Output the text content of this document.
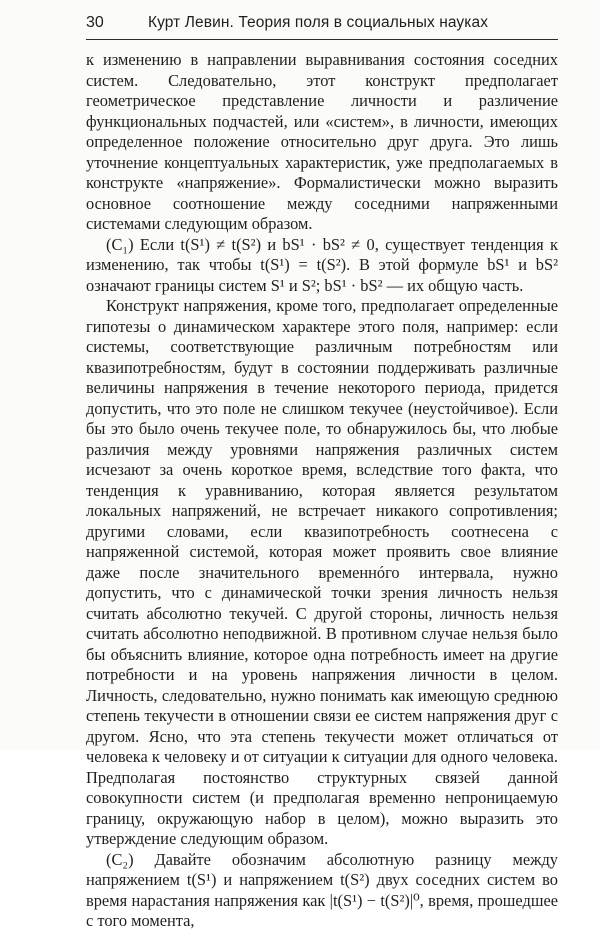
30	Курт Левин. Теория поля в социальных науках

к изменению в направлении выравнивания состояния соседних систем. Следовательно, этот конструкт предполагает геометрическое представление личности и различение функциональных подчастей, или «систем», в личности, имеющих определенное положение относительно друг друга. Это лишь уточнение концептуальных характеристик, уже предполагаемых в конструкте «напряжение». Формалистически можно выразить основное соотношение между соседними напряженными системами следующим образом.

(C₁) Если t(S¹) ≠ t(S²) и bS¹ · bS² ≠ 0, существует тенденция к изменению, так чтобы t(S¹) = t(S²). В этой формуле bS¹ и bS² означают границы систем S¹ и S²; bS¹ · bS² — их общую часть.

Конструкт напряжения, кроме того, предполагает определенные гипотезы о динамическом характере этого поля, например: если системы, соответствующие различным потребностям или квазипотребностям, будут в состоянии поддерживать различные величины напряжения в течение некоторого периода, придется допустить, что это поле не слишком текучее (неустойчивое). Если бы это было очень текучее поле, то обнаружилось бы, что любые различия между уровнями напряжения различных систем исчезают за очень короткое время, вследствие того факта, что тенденция к уравниванию, которая является результатом локальных напряжений, не встречает никакого сопротивления; другими словами, если квазипотребность соотнесена с напряженной системой, которая может проявить свое влияние даже после значительного временнóго интервала, нужно допустить, что с динамической точки зрения личность нельзя считать абсолютно текучей. С другой стороны, личность нельзя считать абсолютно неподвижной. В противном случае нельзя было бы объяснить влияние, которое одна потребность имеет на другие потребности и на уровень напряжения личности в целом. Личность, следовательно, нужно понимать как имеющую среднюю степень текучести в отношении связи ее систем напряжения друг с другом. Ясно, что эта степень текучести может отличаться от человека к человеку и от ситуации к ситуации для одного человека. Предполагая постоянство структурных связей данной совокупности систем (и предполагая временно непроницаемую границу, окружающую набор в целом), можно выразить это утверждение следующим образом.

(C₂) Давайте обозначим абсолютную разницу между напряжением t(S¹) и напряжением t(S²) двух соседних систем во время нарастания напряжения как |t(S¹) − t(S²)|⁰, время, прошедшее с того момента,
